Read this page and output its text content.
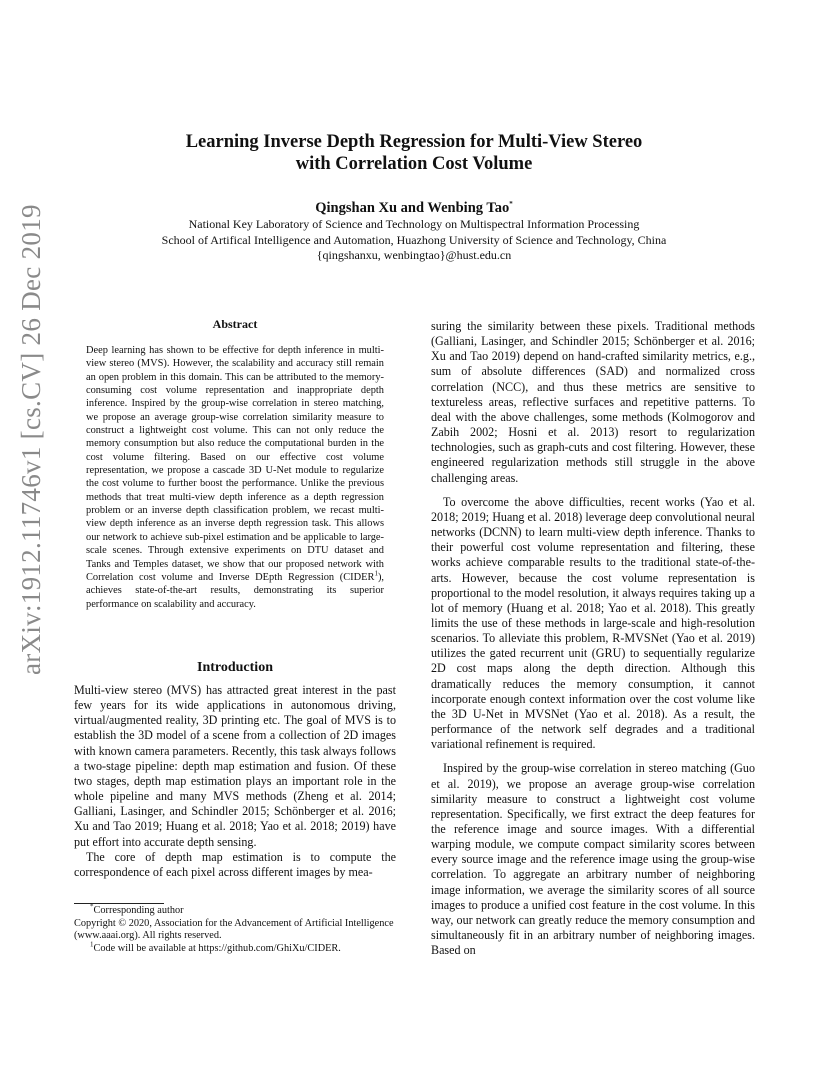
arXiv:1912.11746v1 [cs.CV] 26 Dec 2019
Learning Inverse Depth Regression for Multi-View Stereo
with Correlation Cost Volume
Qingshan Xu and Wenbing Tao*
National Key Laboratory of Science and Technology on Multispectral Information Processing
School of Artifical Intelligence and Automation, Huazhong University of Science and Technology, China
{qingshanxu, wenbingtao}@hust.edu.cn
Abstract
Deep learning has shown to be effective for depth inference in multi-view stereo (MVS). However, the scalability and accuracy still remain an open problem in this domain. This can be attributed to the memory-consuming cost volume representation and inappropriate depth inference. Inspired by the group-wise correlation in stereo matching, we propose an average group-wise correlation similarity measure to construct a lightweight cost volume. This can not only reduce the memory consumption but also reduce the computational burden in the cost volume filtering. Based on our effective cost volume representation, we propose a cascade 3D U-Net module to regularize the cost volume to further boost the performance. Unlike the previous methods that treat multi-view depth inference as a depth regression problem or an inverse depth classification problem, we recast multi-view depth inference as an inverse depth regression task. This allows our network to achieve sub-pixel estimation and be applicable to large-scale scenes. Through extensive experiments on DTU dataset and Tanks and Temples dataset, we show that our proposed network with Correlation cost volume and Inverse DEpth Regression (CIDER$^1$), achieves state-of-the-art results, demonstrating its superior performance on scalability and accuracy.
Introduction

Multi-view stereo (MVS) has attracted great interest in the past few years for its wide applications in autonomous driving, virtual/augmented reality, 3D printing etc. The goal of MVS is to establish the 3D model of a scene from a collection of 2D images with known camera parameters. Recently, this task always follows a two-stage pipeline: depth map estimation and fusion. Of these two stages, depth map estimation plays an important role in the whole pipeline and many MVS methods (Zheng et al. 2014; Galliani, Lasinger, and Schindler 2015; Schönberger et al. 2016; Xu and Tao 2019; Huang et al. 2018; Yao et al. 2018; 2019) have put effort into accurate depth sensing.

The core of depth map estimation is to compute the correspondence of each pixel across different images by mea-

*Corresponding author

Copyright © 2020, Association for the Advancement of Artificial Intelligence (www.aaai.org). All rights reserved.

$^1$Code will be available at https://github.com/GhiXu/CIDER.

suring the similarity between these pixels. Traditional methods (Galliani, Lasinger, and Schindler 2015; Schönberger et al. 2016; Xu and Tao 2019) depend on hand-crafted similarity metrics, e.g., sum of absolute differences (SAD) and normalized cross correlation (NCC), and thus these metrics are sensitive to textureless areas, reflective surfaces and repetitive patterns. To deal with the above challenges, some methods (Kolmogorov and Zabih 2002; Hosni et al. 2013) resort to regularization technologies, such as graph-cuts and cost filtering. However, these engineered regularization methods still struggle in the above challenging areas.

To overcome the above difficulties, recent works (Yao et al. 2018; 2019; Huang et al. 2018) leverage deep convolutional neural networks (DCNN) to learn multi-view depth inference. Thanks to their powerful cost volume representation and filtering, these works achieve comparable results to the traditional state-of-the-arts. However, because the cost volume representation is proportional to the model resolution, it always requires taking up a lot of memory (Huang et al. 2018; Yao et al. 2018). This greatly limits the use of these methods in large-scale and high-resolution scenarios. To alleviate this problem, R-MVSNet (Yao et al. 2019) utilizes the gated recurrent unit (GRU) to sequentially regularize 2D cost maps along the depth direction. Although this dramatically reduces the memory consumption, it cannot incorporate enough context information over the cost volume like the 3D U-Net in MVSNet (Yao et al. 2018). As a result, the performance of the network self degrades and a traditional variational refinement is required.

Inspired by the group-wise correlation in stereo matching (Guo et al. 2019), we propose an average group-wise correlation similarity measure to construct a lightweight cost volume representation. Specifically, we first extract the deep features for the reference image and source images. With a differential warping module, we compute compact similarity scores between every source image and the reference image using the group-wise correlation. To aggregate an arbitrary number of neighboring image information, we average the similarity scores of all source images to produce a unified cost feature in the cost volume. In this way, our network can greatly reduce the memory consumption and simultaneously fit in an arbitrary number of neighboring images. Based on
